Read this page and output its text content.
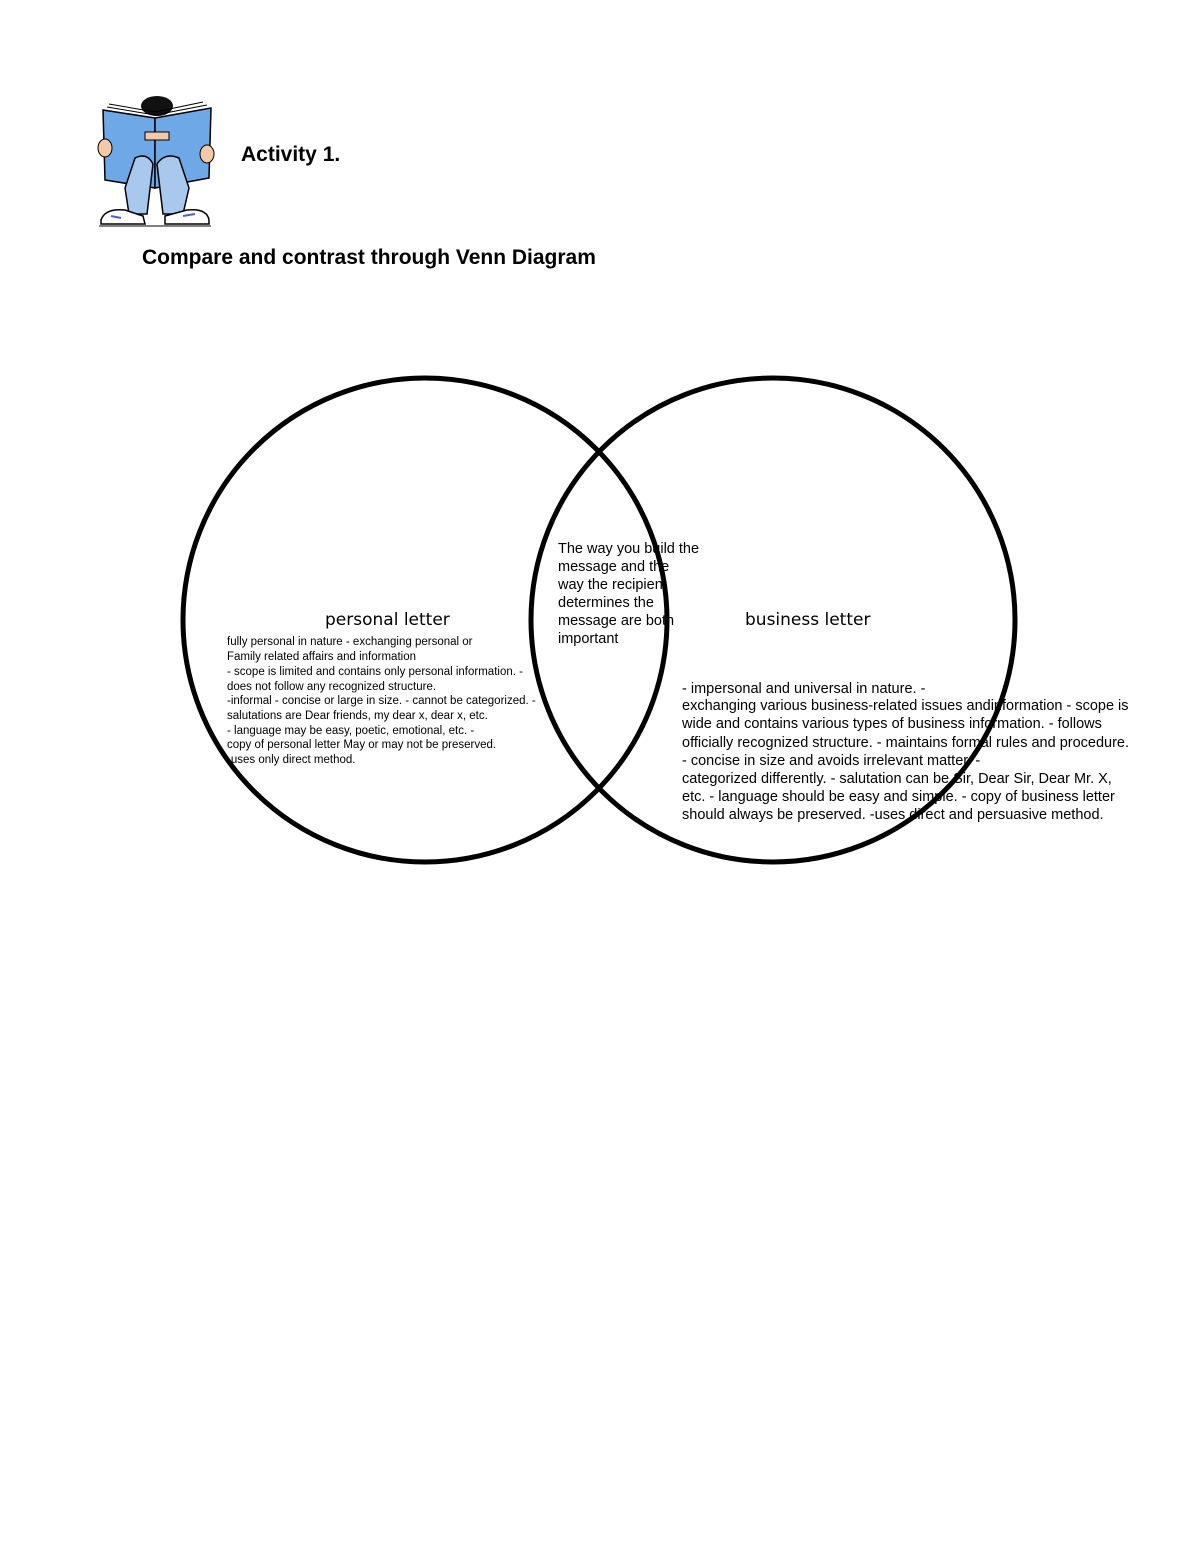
Activity 1.
Compare and contrast through Venn Diagram
personal letter	business letter
fully personal in nature - exchanging personal or
Family related affairs and information
- scope is limited and contains only personal information. -
does not follow any recognized structure.
-informal - concise or large in size. - cannot be categorized. -
salutations are Dear friends, my dear x, dear x, etc.
- language may be easy, poetic, emotional, etc. -
copy of personal letter May or may not be preserved.
-uses only direct method.
The way you build the
message and the
way the recipient
determines the
message are both
important
- impersonal and universal in nature. -
exchanging various business-related issues andinformation - scope is
wide and contains various types of business information. - follows
officially recognized structure. - maintains formal rules and procedure.
- concise in size and avoids irrelevant matter. -
categorized differently. - salutation can be Sir, Dear Sir, Dear Mr. X,
etc. - language should be easy and simple. - copy of business letter
should always be preserved. -uses direct and persuasive method.
